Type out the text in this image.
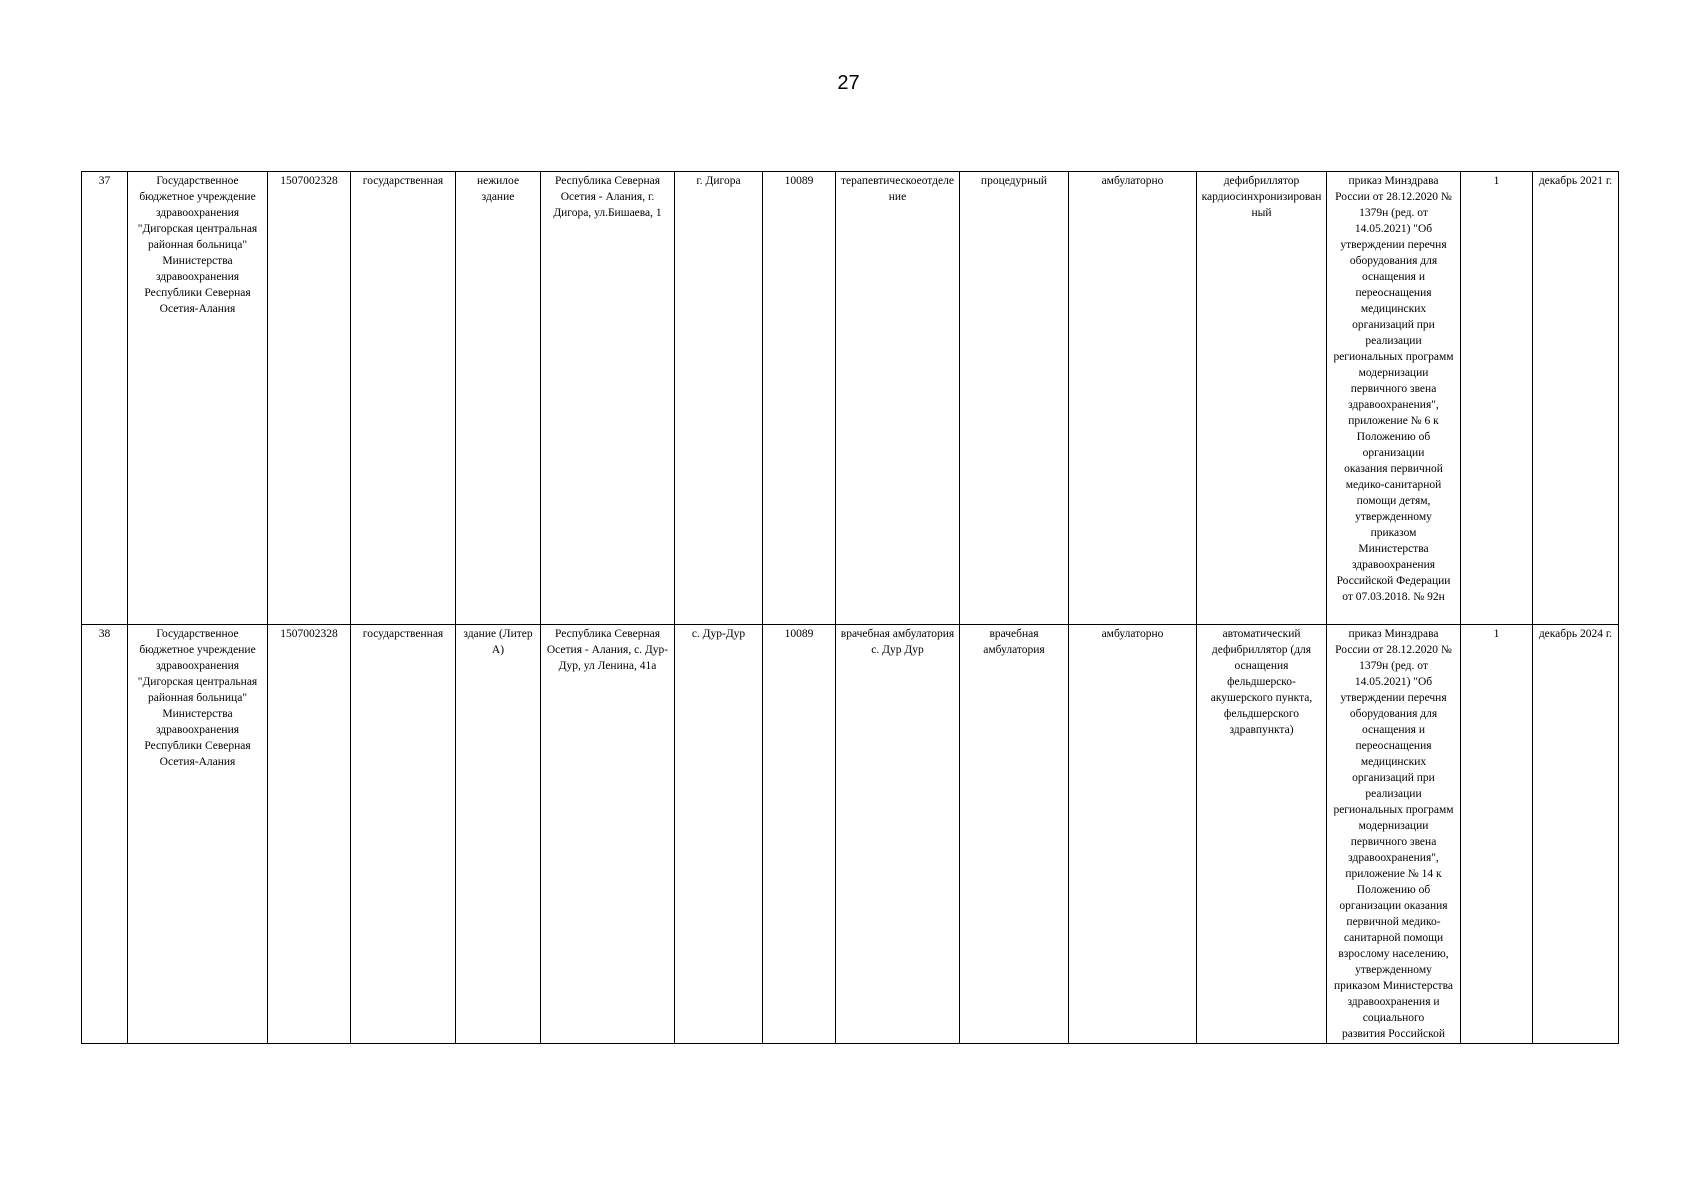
27
37	Государственное бюджетное учреждение здравоохранения "Дигорская центральная районная больница" Министерства здравоохранения Республики Северная Осетия-Алания	1507002328	государственная	нежилое здание	Республика Северная Осетия - Алания, г. Дигора, ул.Бишаева, 1	г. Дигора	10089	терапевтическоеотделение	процедурный	амбулаторно	дефибриллятор кардиосинхронизированный	приказ Минздрава России от 28.12.2020 № 1379н (ред. от 14.05.2021) "Об утверждении перечня оборудования для оснащения и переоснащения медицинских организаций при реализации региональных программ модернизации первичного звена здравоохранения", приложение № 6 к Положению об организации
оказания первичной медико-санитарной помощи детям, утвержденному приказом
Министерства здравоохранения Российской Федерации
от 07.03.2018. № 92н	1	декабрь 2021 г.
38	Государственное бюджетное учреждение здравоохранения "Дигорская центральная районная больница" Министерства здравоохранения Республики Северная Осетия-Алания	1507002328	государственная	здание (Литер А)	Республика Северная Осетия - Алания, с. Дур-Дур, ул Ленина, 41а	с. Дур-Дур	10089	врачебная амбулатория с. Дур Дур	врачебная амбулатория	амбулаторно	автоматический дефибриллятор (для оснащения фельдшерско-акушерского пункта, фельдшерского здравпункта)	приказ Минздрава России от 28.12.2020 № 1379н (ред. от 14.05.2021) "Об утверждении перечня оборудования для оснащения и переоснащения медицинских организаций при реализации региональных программ модернизации первичного звена здравоохранения", приложение № 14 к Положению об организации оказания первичной медико-санитарной помощи взрослому населению, утвержденному приказом Министерства
здравоохранения и социального
развития Российской	1	декабрь 2024 г.
